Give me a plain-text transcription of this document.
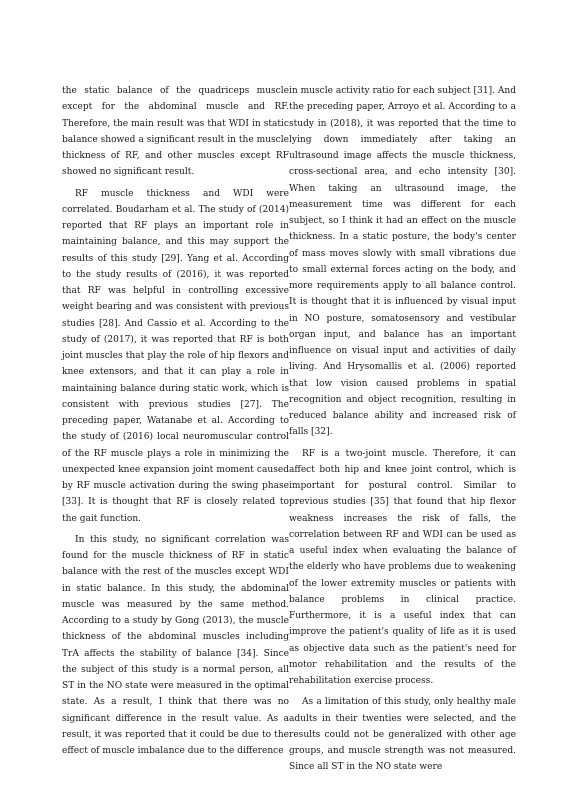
the static balance of the quadriceps muscle except for the abdominal muscle and RF. Therefore, the main result was that WDI in static balance showed a significant result in the muscle thickness of RF, and other muscles except RF showed no significant result.

RF muscle thickness and WDI were correlated. Boudarham et al. The study of (2014) reported that RF plays an important role in maintaining balance, and this may support the results of this study [29]. Yang et al. According to the study results of (2016), it was reported that RF was helpful in controlling excessive weight bearing and was consistent with previous studies [28]. And Cassio et al. According to the study of (2017), it was reported that RF is both joint muscles that play the role of hip flexors and knee extensors, and that it can play a role in maintaining balance during static work, which is consistent with previous studies [27]. The preceding paper, Watanabe et al. According to the study of (2016) local neuromuscular control of the RF muscle plays a role in minimizing the unexpected knee expansion joint moment caused by RF muscle activation during the swing phase [33]. It is thought that RF is closely related to the gait function.

In this study, no significant correlation was found for the muscle thickness of RF in static balance with the rest of the muscles except WDI in static balance. In this study, the abdominal muscle was measured by the same method. According to a study by Gong (2013), the muscle thickness of the abdominal muscles including TrA affects the stability of balance [34]. Since the subject of this study is a normal person, all ST in the NO state were measured in the optimal state. As a result, I think that there was no significant difference in the result value. As a result, it was reported that it could be due to the effect of muscle imbalance due to the difference

in muscle activity ratio for each subject [31]. And the preceding paper, Arroyo et al. According to a study in (2018), it was reported that the time to lying down immediately after taking an ultrasound image affects the muscle thickness, cross-sectional area, and echo intensity [30]. When taking an ultrasound image, the measurement time was different for each subject, so I think it had an effect on the muscle thickness. In a static posture, the body's center of mass moves slowly with small vibrations due to small external forces acting on the body, and more requirements apply to all balance control. It is thought that it is influenced by visual input in NO posture, somatosensory and vestibular organ input, and balance has an important influence on visual input and activities of daily living. And Hrysomallis et al. (2006) reported that low vision caused problems in spatial recognition and object recognition, resulting in reduced balance ability and increased risk of falls [32].

RF is a two-joint muscle. Therefore, it can affect both hip and knee joint control, which is important for postural control. Similar to previous studies [35] that found that hip flexor weakness increases the risk of falls, the correlation between RF and WDI can be used as a useful index when evaluating the balance of the elderly who have problems due to weakening of the lower extremity muscles or patients with balance problems in clinical practice. Furthermore, it is a useful index that can improve the patient's quality of life as it is used as objective data such as the patient's need for motor rehabilitation and the results of the rehabilitation exercise process.

As a limitation of this study, only healthy male adults in their twenties were selected, and the results could not be generalized with other age groups, and muscle strength was not measured. Since all ST in the NO state were
